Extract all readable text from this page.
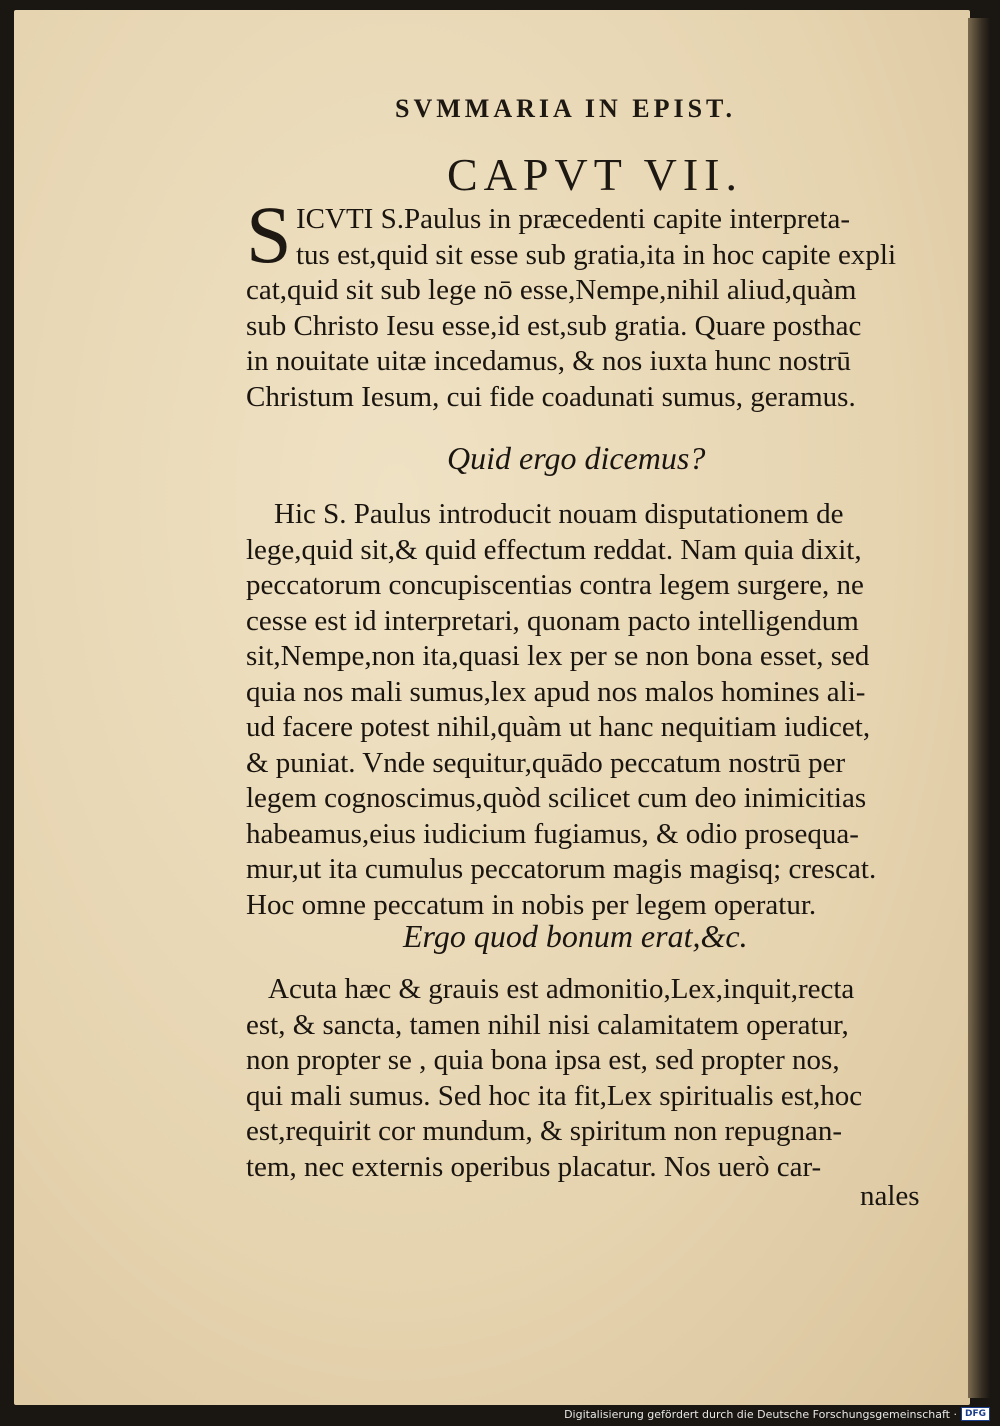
SVMMARIA IN EPIST.
CAPVT VII.
S ICVTI S.Paulus in præcedenti capite interpreta-
tus est,quid sit esse sub gratia,ita in hoc capite expli
cat,quid sit sub lege nō esse,Nempe,nihil aliud,quàm
sub Christo Iesu esse,id est,sub gratia. Quare posthac
in nouitate uitæ incedamus, & nos iuxta hunc nostrū
Christum Iesum, cui fide coadunati sumus, geramus.
Quid ergo dicemus?
Hic S. Paulus introducit nouam disputationem de
lege,quid sit,& quid effectum reddat. Nam quia dixit,
peccatorum concupiscentias contra legem surgere, ne
cesse est id interpretari, quonam pacto intelligendum
sit,Nempe,non ita,quasi lex per se non bona esset, sed
quia nos mali sumus,lex apud nos malos homines ali-
ud facere potest nihil,quàm ut hanc nequitiam iudicet,
& puniat. Vnde sequitur,quādo peccatum nostrū per
legem cognoscimus,quòd scilicet cum deo inimicitias
habeamus,eius iudicium fugiamus, & odio prosequa-
mur,ut ita cumulus peccatorum magis magisq; crescat.
Hoc omne peccatum in nobis per legem operatur.
Ergo quod bonum erat,&c.
Acuta hæc & grauis est admonitio,Lex,inquit,recta
est, & sancta, tamen nihil nisi calamitatem operatur,
non propter se , quia bona ipsa est, sed propter nos,
qui mali sumus. Sed hoc ita fit,Lex spiritualis est,hoc
est,requirit cor mundum, & spiritum non repugnan-
tem, nec externis operibus placatur. Nos uerò car-
nales
Digitalisierung gefördert durch die Deutsche Forschungsgemeinschaft · DFG
